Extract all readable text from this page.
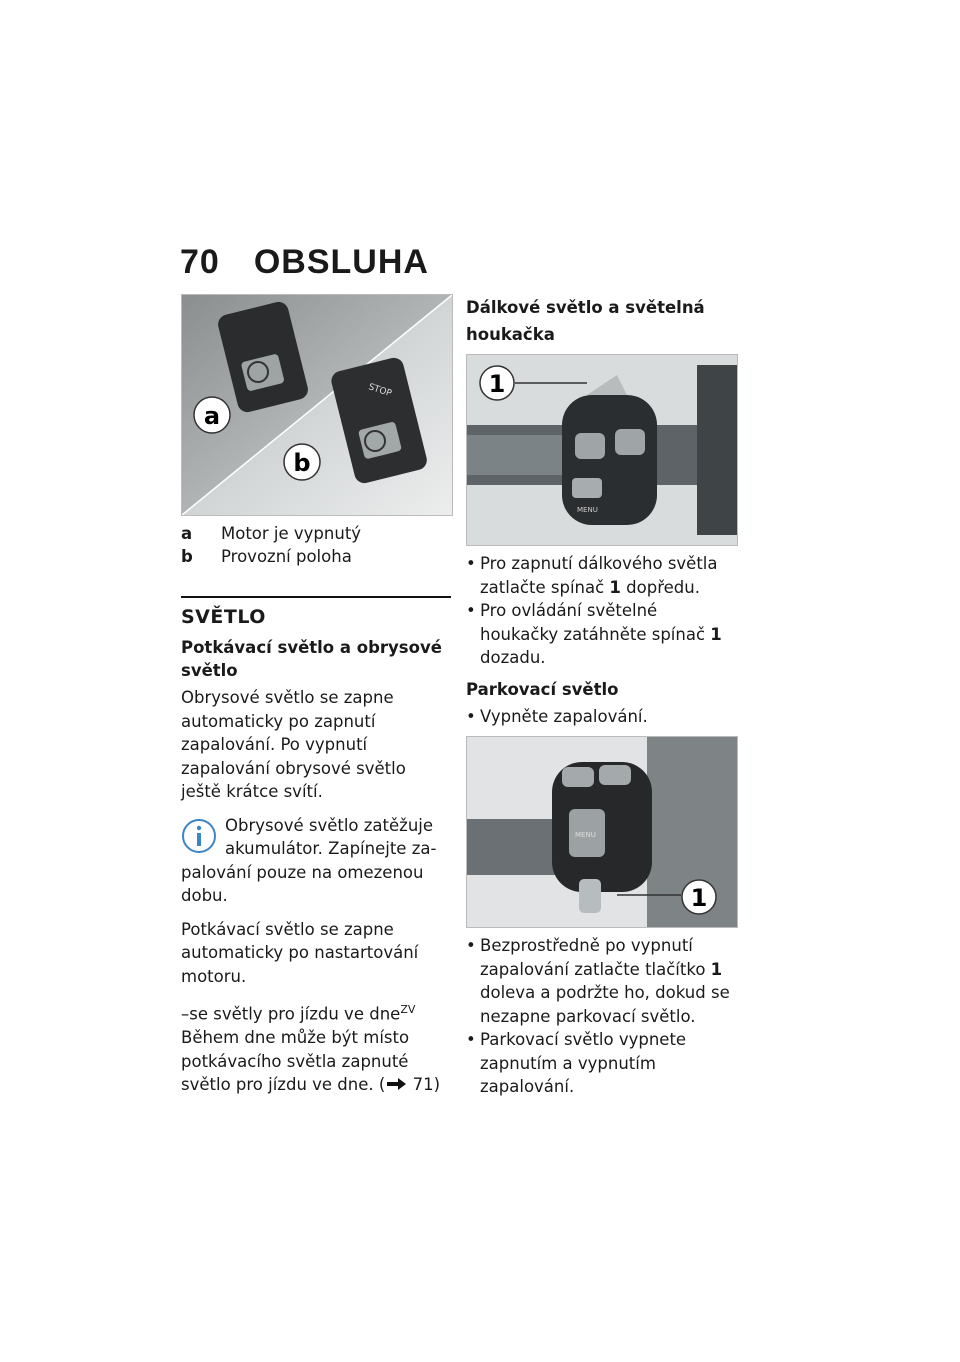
70 OBSLUHA
STOP
a
b
a	Motor je vypnutý
b	Provozní poloha
SVĚTLO
Potkávací světlo a obrysové světlo

Obrysové světlo se zapne automaticky po zapnutí zapalování. Po vypnutí zapalování obrysové světlo ještě krátce svítí.

Obrysové světlo zatěžuje akumulátor. Zapínejte za-
palování pouze na omezenou dobu.

Potkávací světlo se zapne automaticky po nastartování motoru.

–se světly pro jízdu ve dne$^{ZV}$

Během dne může být místo potkávacího světla zapnuté světlo pro jízdu ve dne. ( 71)

Dálkové světlo a světelná houkačka
MENU
1
• Pro zapnutí dálkového světla zatlačte spínač 1 dopředu.
• Pro ovládání světelné houkačky zatáhněte spínač 1 dozadu.
Parkovací světlo
• Vypněte zapalování.
MENU
1
• Bezprostředně po vypnutí zapalování zatlačte tlačítko 1 doleva a podržte ho, dokud se nezapne parkovací světlo.
• Parkovací světlo vypnete zapnutím a vypnutím zapalování.
